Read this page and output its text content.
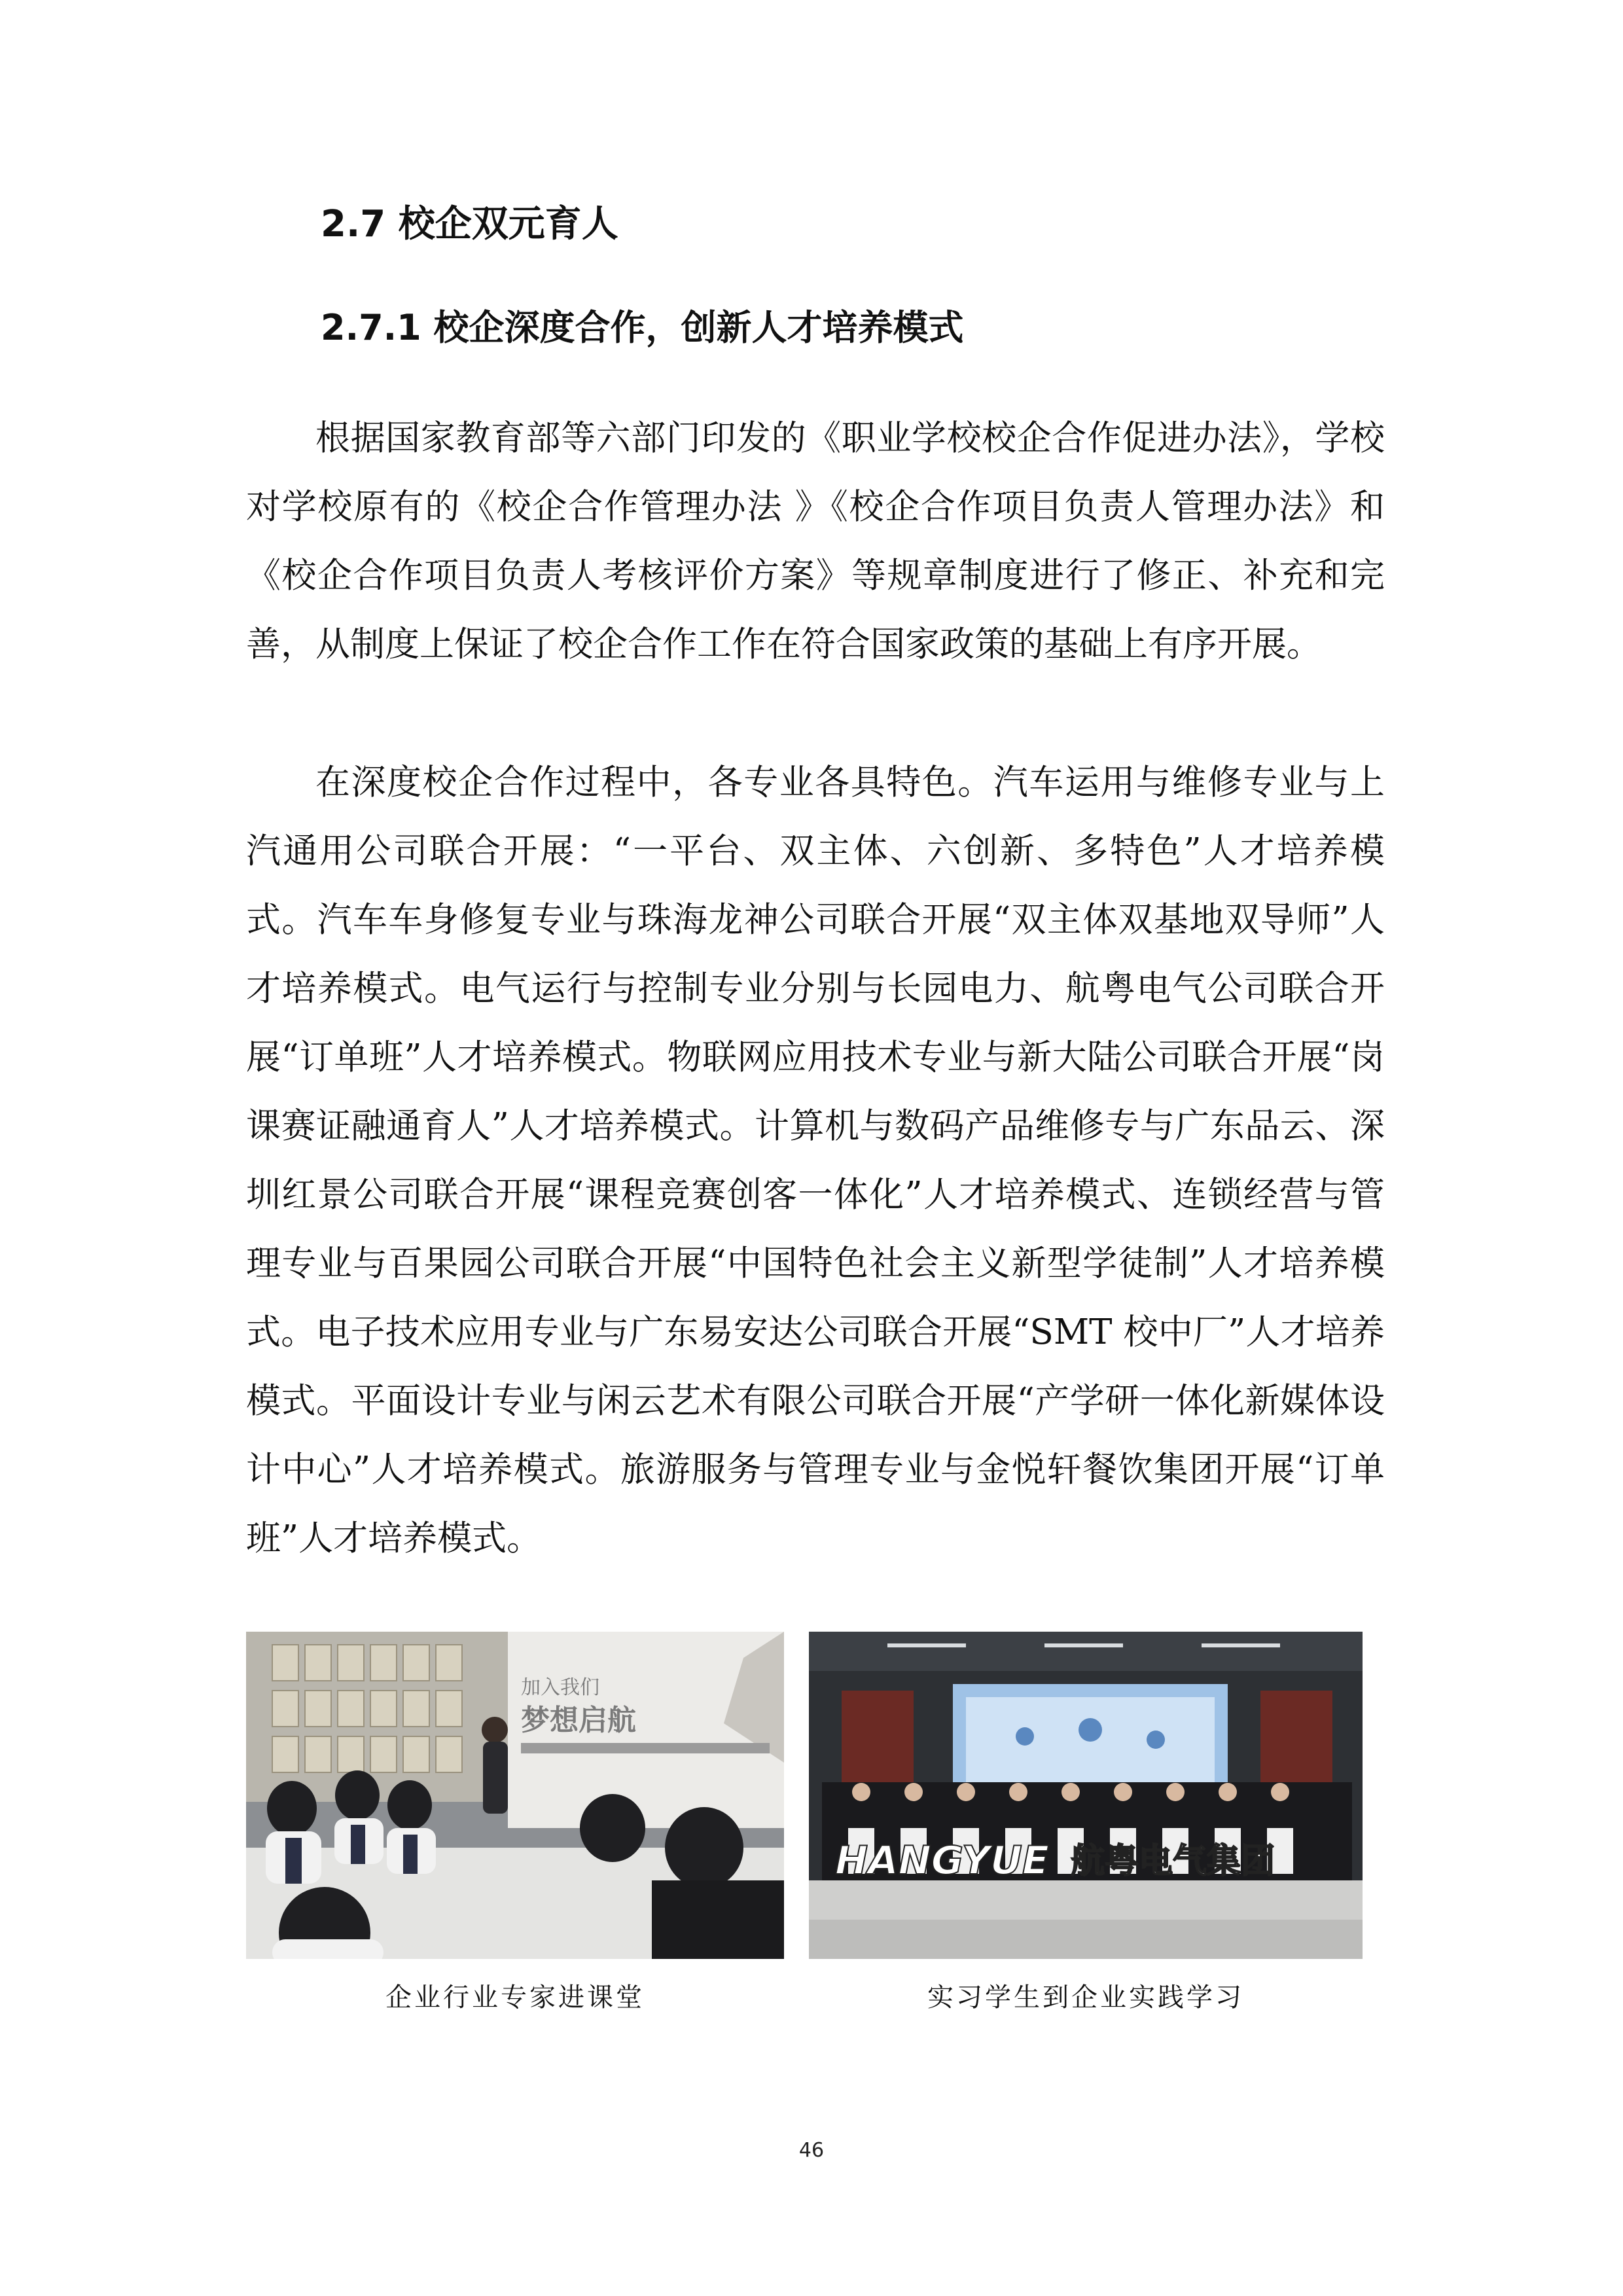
2.7 校企双元育人
2.7.1 校企深度合作，创新人才培养模式

根据国家教育部等六部门印发的《职业学校校企合作促进办法》，学校对学校原有的《校企合作管理办法 》《校企合作项目负责人管理办法》和《校企合作项目负责人考核评价方案》等规章制度进行了修正、补充和完善，从制度上保证了校企合作工作在符合国家政策的基础上有序开展。

在深度校企合作过程中，各专业各具特色。汽车运用与维修专业与上汽通用公司联合开展：“一平台、双主体、六创新、多特色”人才培养模式。汽车车身修复专业与珠海龙神公司联合开展“双主体双基地双导师”人才培养模式。电气运行与控制专业分别与长园电力、航粤电气公司联合开展“订单班”人才培养模式。物联网应用技术专业与新大陆公司联合开展“岗课赛证融通育人”人才培养模式。计算机与数码产品维修专与广东品云、深圳红景公司联合开展“课程竞赛创客一体化”人才培养模式、连锁经营与管理专业与百果园公司联合开展“中国特色社会主义新型学徒制”人才培养模式。电子技术应用专业与广东易安达公司联合开展“SMT 校中厂”人才培养模式。平面设计专业与闲云艺术有限公司联合开展“产学研一体化新媒体设计中心”人才培养模式。旅游服务与管理专业与金悦轩餐饮集团开展“订单班”人才培养模式。

加入我们
梦想启航
HANGYUE 航粤电气集团
企业行业专家进课堂	实习学生到企业实践学习
46
